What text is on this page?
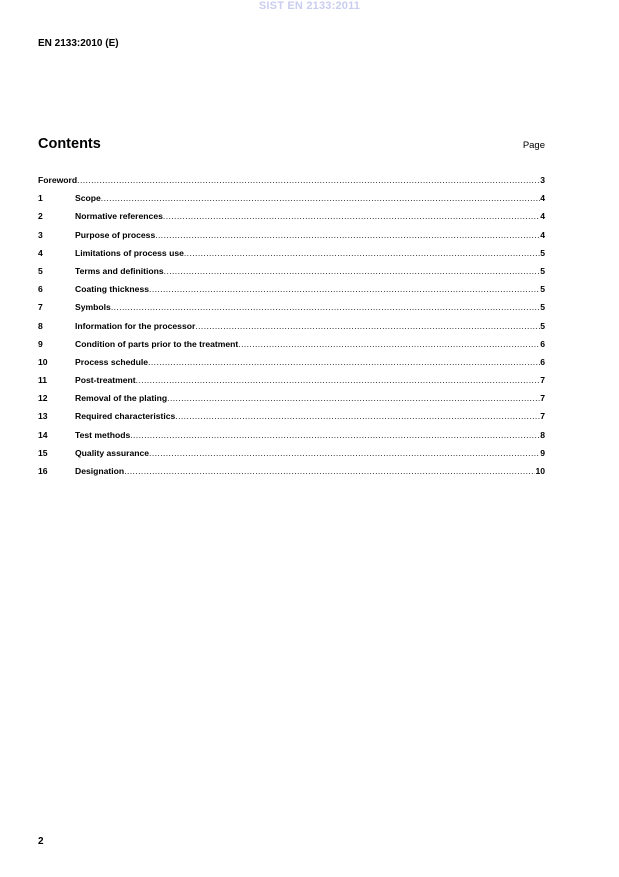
SIST EN 2133:2011
EN 2133:2010 (E)
Contents	Page
Foreword .....	3
1	Scope .....	4
2	Normative references .....	4
3	Purpose of process .....	4
4	Limitations of process use .....	5
5	Terms and definitions .....	5
6	Coating thickness .....	5
7	Symbols .....	5
8	Information for the processor .....	5
9	Condition of parts prior to the treatment .....	6
10	Process schedule .....	6
11	Post-treatment .....	7
12	Removal of the plating .....	7
13	Required characteristics .....	7
14	Test methods .....	8
15	Quality assurance .....	9
16	Designation .....	10
2
